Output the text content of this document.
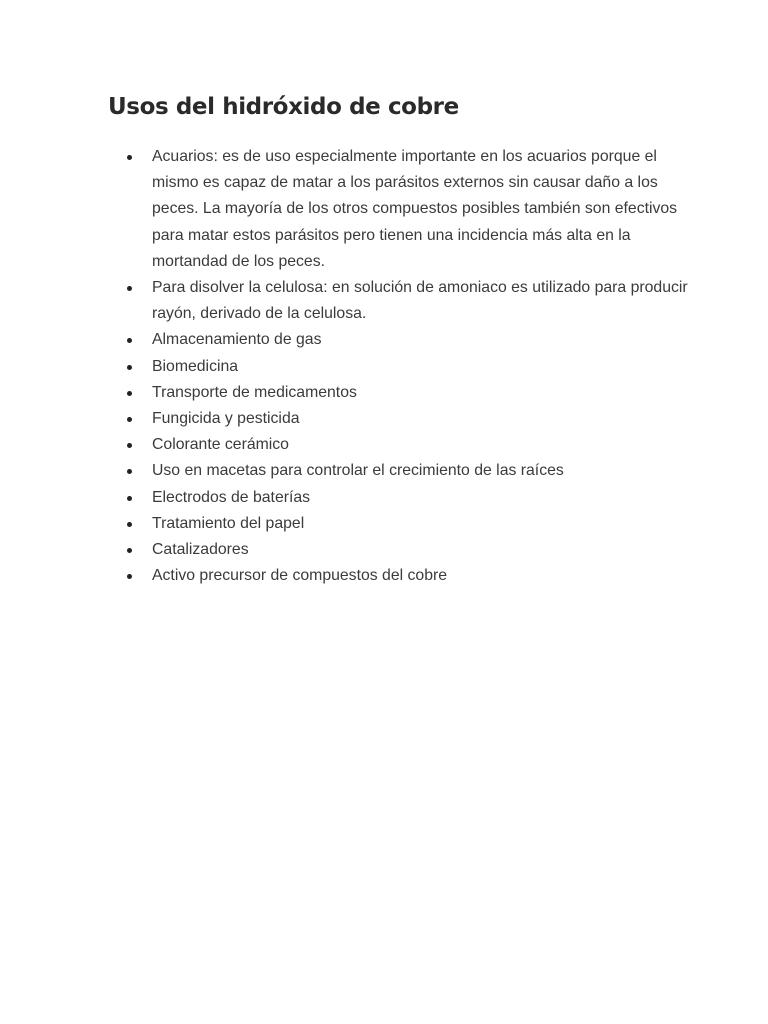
Usos del hidróxido de cobre
Acuarios: es de uso especialmente importante en los acuarios porque el mismo es capaz de matar a los parásitos externos sin causar daño a los peces. La mayoría de los otros compuestos posibles también son efectivos para matar estos parásitos pero tienen una incidencia más alta en la mortandad de los peces.
Para disolver la celulosa: en solución de amoniaco es utilizado para producir rayón, derivado de la celulosa.
Almacenamiento de gas
Biomedicina
Transporte de medicamentos
Fungicida y pesticida
Colorante cerámico
Uso en macetas para controlar el crecimiento de las raíces
Electrodos de baterías
Tratamiento del papel
Catalizadores
Activo precursor de compuestos del cobre
